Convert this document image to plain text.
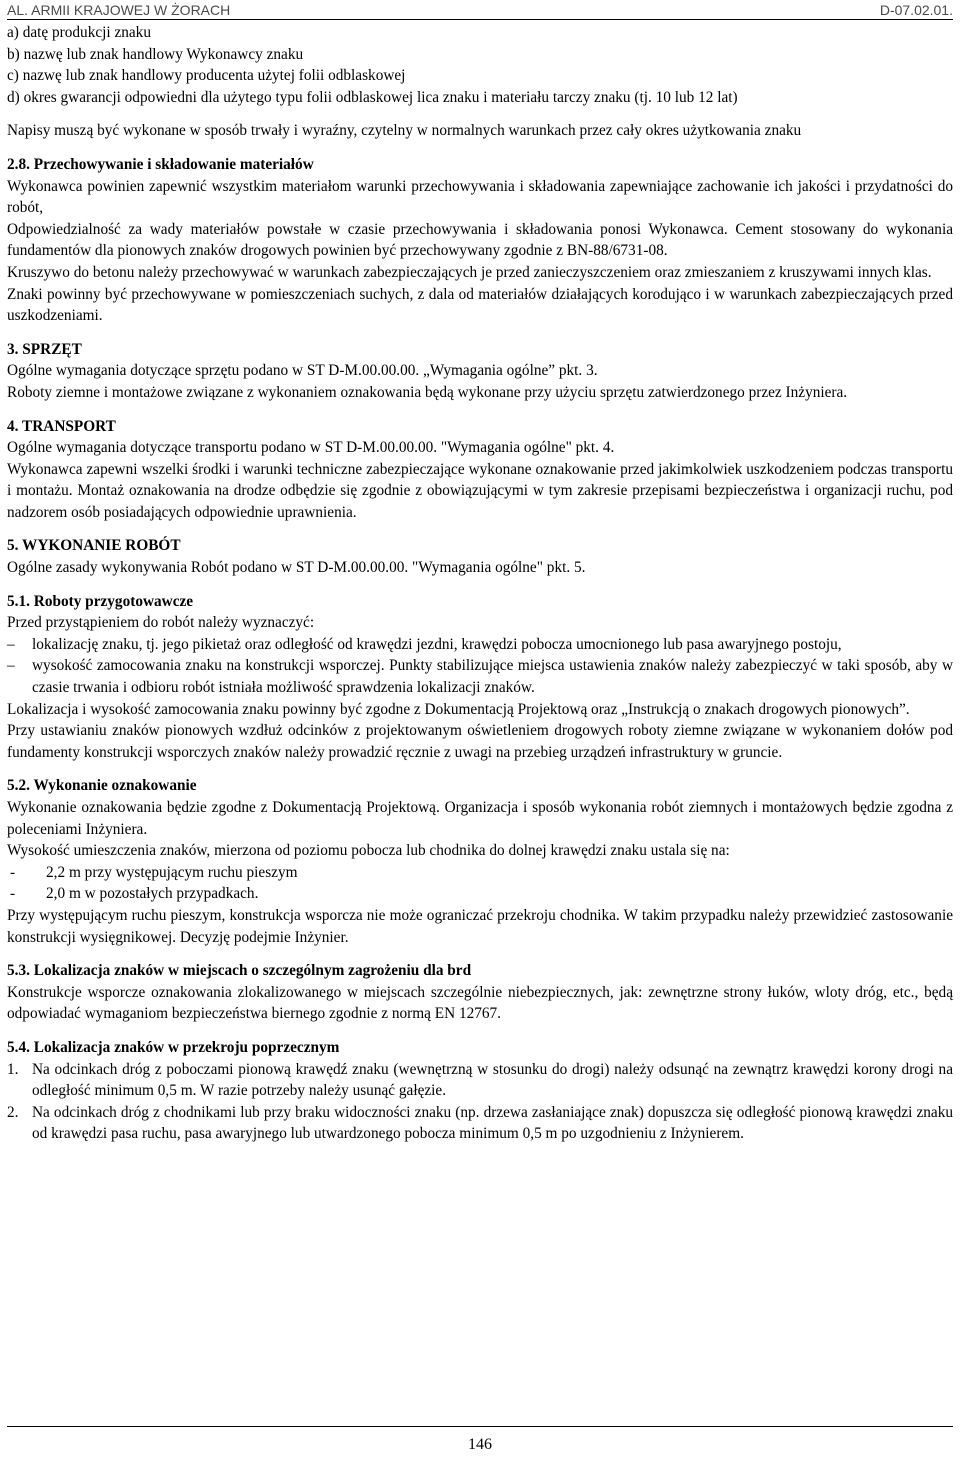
AL. ARMII KRAJOWEJ W ŻORACH	D-07.02.01.

a) datę produkcji znaku

b) nazwę lub znak handlowy Wykonawcy znaku

c) nazwę lub znak handlowy producenta użytej folii odblaskowej

d) okres gwarancji odpowiedni dla użytego typu folii odblaskowej lica znaku i materiału tarczy znaku (tj. 10 lub 12 lat)

Napisy muszą być wykonane w sposób trwały i wyraźny, czytelny w normalnych warunkach przez cały okres użytkowania znaku

2.8. Przechowywanie i składowanie materiałów

Wykonawca powinien zapewnić wszystkim materiałom warunki przechowywania i składowania zapewniające zachowanie ich jakości i przydatności do robót,

Odpowiedzialność za wady materiałów powstałe w czasie przechowywania i składowania ponosi Wykonawca. Cement stosowany do wykonania fundamentów dla pionowych znaków drogowych powinien być przechowywany zgodnie z BN-88/6731-08.

Kruszywo do betonu należy przechowywać w warunkach zabezpieczających je przed zanieczyszczeniem oraz zmieszaniem z kruszywami innych klas.

Znaki powinny być przechowywane w pomieszczeniach suchych, z dala od materiałów działających korodująco i w warunkach zabezpieczających przed uszkodzeniami.

3. SPRZĘT

Ogólne wymagania dotyczące sprzętu podano w ST D-M.00.00.00. „Wymagania ogólne” pkt. 3.

Roboty ziemne i montażowe związane z wykonaniem oznakowania będą wykonane przy użyciu sprzętu zatwierdzonego przez Inżyniera.

4. TRANSPORT

Ogólne wymagania dotyczące transportu podano w ST D-M.00.00.00. "Wymagania ogólne" pkt. 4.

Wykonawca zapewni wszelki środki i warunki techniczne zabezpieczające wykonane oznakowanie przed jakimkolwiek uszkodzeniem podczas transportu i montażu. Montaż oznakowania na drodze odbędzie się zgodnie z obowiązującymi w tym zakresie przepisami bezpieczeństwa i organizacji ruchu, pod nadzorem osób posiadających odpowiednie uprawnienia.

5. WYKONANIE ROBÓT

Ogólne zasady wykonywania Robót podano w ST D-M.00.00.00. "Wymagania ogólne" pkt. 5.

5.1. Roboty przygotowawcze

Przed przystąpieniem do robót należy wyznaczyć:

– lokalizację znaku, tj. jego pikietaż oraz odległość od krawędzi jezdni, krawędzi pobocza umocnionego lub pasa awaryjnego postoju,
– wysokość zamocowania znaku na konstrukcji wsporczej. Punkty stabilizujące miejsca ustawienia znaków należy zabezpieczyć w taki sposób, aby w czasie trwania i odbioru robót istniała możliwość sprawdzenia lokalizacji znaków.

Lokalizacja i wysokość zamocowania znaku powinny być zgodne z Dokumentacją Projektową oraz „Instrukcją o znakach drogowych pionowych”.

Przy ustawianiu znaków pionowych wzdłuż odcinków z projektowanym oświetleniem drogowych roboty ziemne związane w wykonaniem dołów pod fundamenty konstrukcji wsporczych znaków należy prowadzić ręcznie z uwagi na przebieg urządzeń infrastruktury w gruncie.

5.2. Wykonanie oznakowanie

Wykonanie oznakowania będzie zgodne z Dokumentacją Projektową. Organizacja i sposób wykonania robót ziemnych i montażowych będzie zgodna z poleceniami Inżyniera.

Wysokość umieszczenia znaków, mierzona od poziomu pobocza lub chodnika do dolnej krawędzi znaku ustala się na:

- 2,2 m przy występującym ruchu pieszym
- 2,0 m w pozostałych przypadkach.

Przy występującym ruchu pieszym, konstrukcja wsporcza nie może ograniczać przekroju chodnika. W takim przypadku należy przewidzieć zastosowanie konstrukcji wysięgnikowej. Decyzję podejmie Inżynier.

5.3. Lokalizacja znaków w miejscach o szczególnym zagrożeniu dla brd

Konstrukcje wsporcze oznakowania zlokalizowanego w miejscach szczególnie niebezpiecznych, jak: zewnętrzne strony łuków, wloty dróg, etc., będą odpowiadać wymaganiom bezpieczeństwa biernego zgodnie z normą EN 12767.

5.4. Lokalizacja znaków w przekroju poprzecznym
1. Na odcinkach dróg z poboczami pionową krawędź znaku (wewnętrzną w stosunku do drogi) należy odsunąć na zewnątrz krawędzi korony drogi na odległość minimum 0,5 m. W razie potrzeby należy usunąć gałęzie.
2. Na odcinkach dróg z chodnikami lub przy braku widoczności znaku (np. drzewa zasłaniające znak) dopuszcza się odległość pionową krawędzi znaku od krawędzi pasa ruchu, pasa awaryjnego lub utwardzonego pobocza minimum 0,5 m po uzgodnieniu z Inżynierem.
146
